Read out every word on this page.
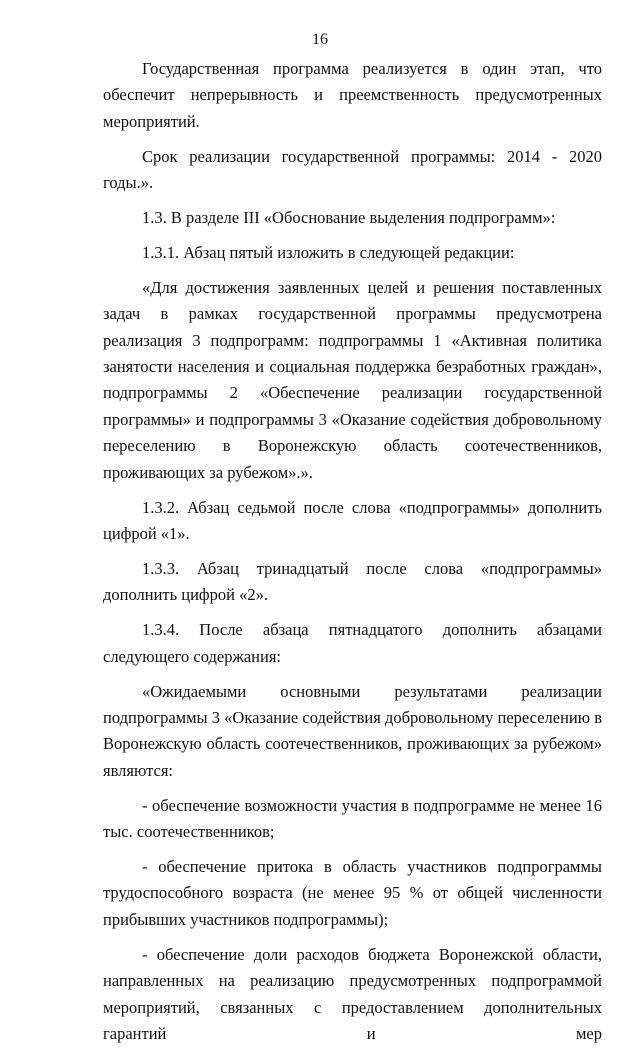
16

Государственная программа реализуется в один этап, что обеспечит непрерывность и преемственность предусмотренных мероприятий.

Срок реализации государственной программы: 2014 - 2020 годы.».

1.3. В разделе III «Обоснование выделения подпрограмм»:

1.3.1. Абзац пятый изложить в следующей редакции:

«Для достижения заявленных целей и решения поставленных задач в рамках государственной программы предусмотрена реализация 3 подпрограмм: подпрограммы 1 «Активная политика занятости населения и социальная поддержка безработных граждан», подпрограммы 2 «Обеспечение реализации государственной программы» и подпрограммы 3 «Оказание содействия добровольному переселению в Воронежскую область соотечественников, проживающих за рубежом».».

1.3.2. Абзац седьмой после слова «подпрограммы» дополнить цифрой «1».

1.3.3. Абзац тринадцатый после слова «подпрограммы» дополнить цифрой «2».

1.3.4. После абзаца пятнадцатого дополнить абзацами следующего содержания:

«Ожидаемыми основными результатами реализации подпрограммы 3 «Оказание содействия добровольному переселению в Воронежскую область соотечественников, проживающих за рубежом» являются:

- обеспечение возможности участия в подпрограмме не менее 16 тыс. соотечественников;

- обеспечение притока в область участников подпрограммы трудоспособного возраста (не менее 95 % от общей численности прибывших участников подпрограммы);

- обеспечение доли расходов бюджета Воронежской области, направленных на реализацию предусмотренных подпрограммой мероприятий, связанных с предоставлением дополнительных гарантий и мер
